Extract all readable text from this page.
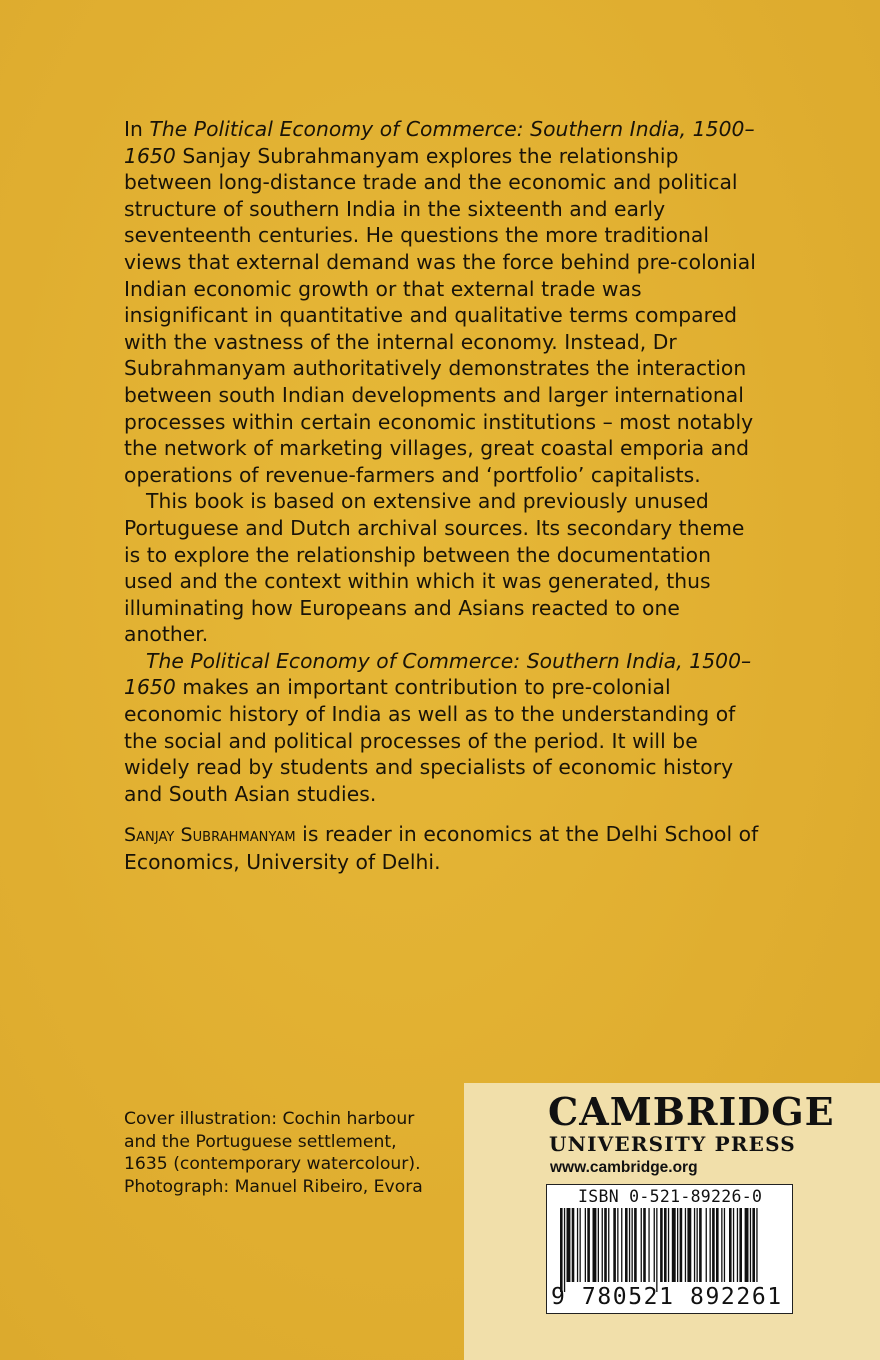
In The Political Economy of Commerce: Southern India, 1500–1650 Sanjay Subrahmanyam explores the relationship between long-distance trade and the economic and political structure of southern India in the sixteenth and early seventeenth centuries. He questions the more traditional views that external demand was the force behind pre-colonial Indian economic growth or that external trade was insignificant in quantitative and qualitative terms compared with the vastness of the internal economy. Instead, Dr Subrahmanyam authoritatively demonstrates the interaction between south Indian developments and larger international processes within certain economic institutions – most notably the network of marketing villages, great coastal emporia and operations of revenue-farmers and ‘portfolio’ capitalists.

This book is based on extensive and previously unused Portuguese and Dutch archival sources. Its secondary theme is to explore the relationship between the documentation used and the context within which it was generated, thus illuminating how Europeans and Asians reacted to one another.

The Political Economy of Commerce: Southern India, 1500–1650 makes an important contribution to pre-colonial economic history of India as well as to the understanding of the social and political processes of the period. It will be widely read by students and specialists of economic history and South Asian studies.

Sanjay Subrahmanyam is reader in economics at the Delhi School of Economics, University of Delhi.

Cover illustration: Cochin harbour
and the Portuguese settlement,
1635 (contemporary watercolour).
Photograph: Manuel Ribeiro, Evora
CAMBRIDGE
UNIVERSITY PRESS
www.cambridge.org
ISBN 0-521-89226-0
9 780521 892261
